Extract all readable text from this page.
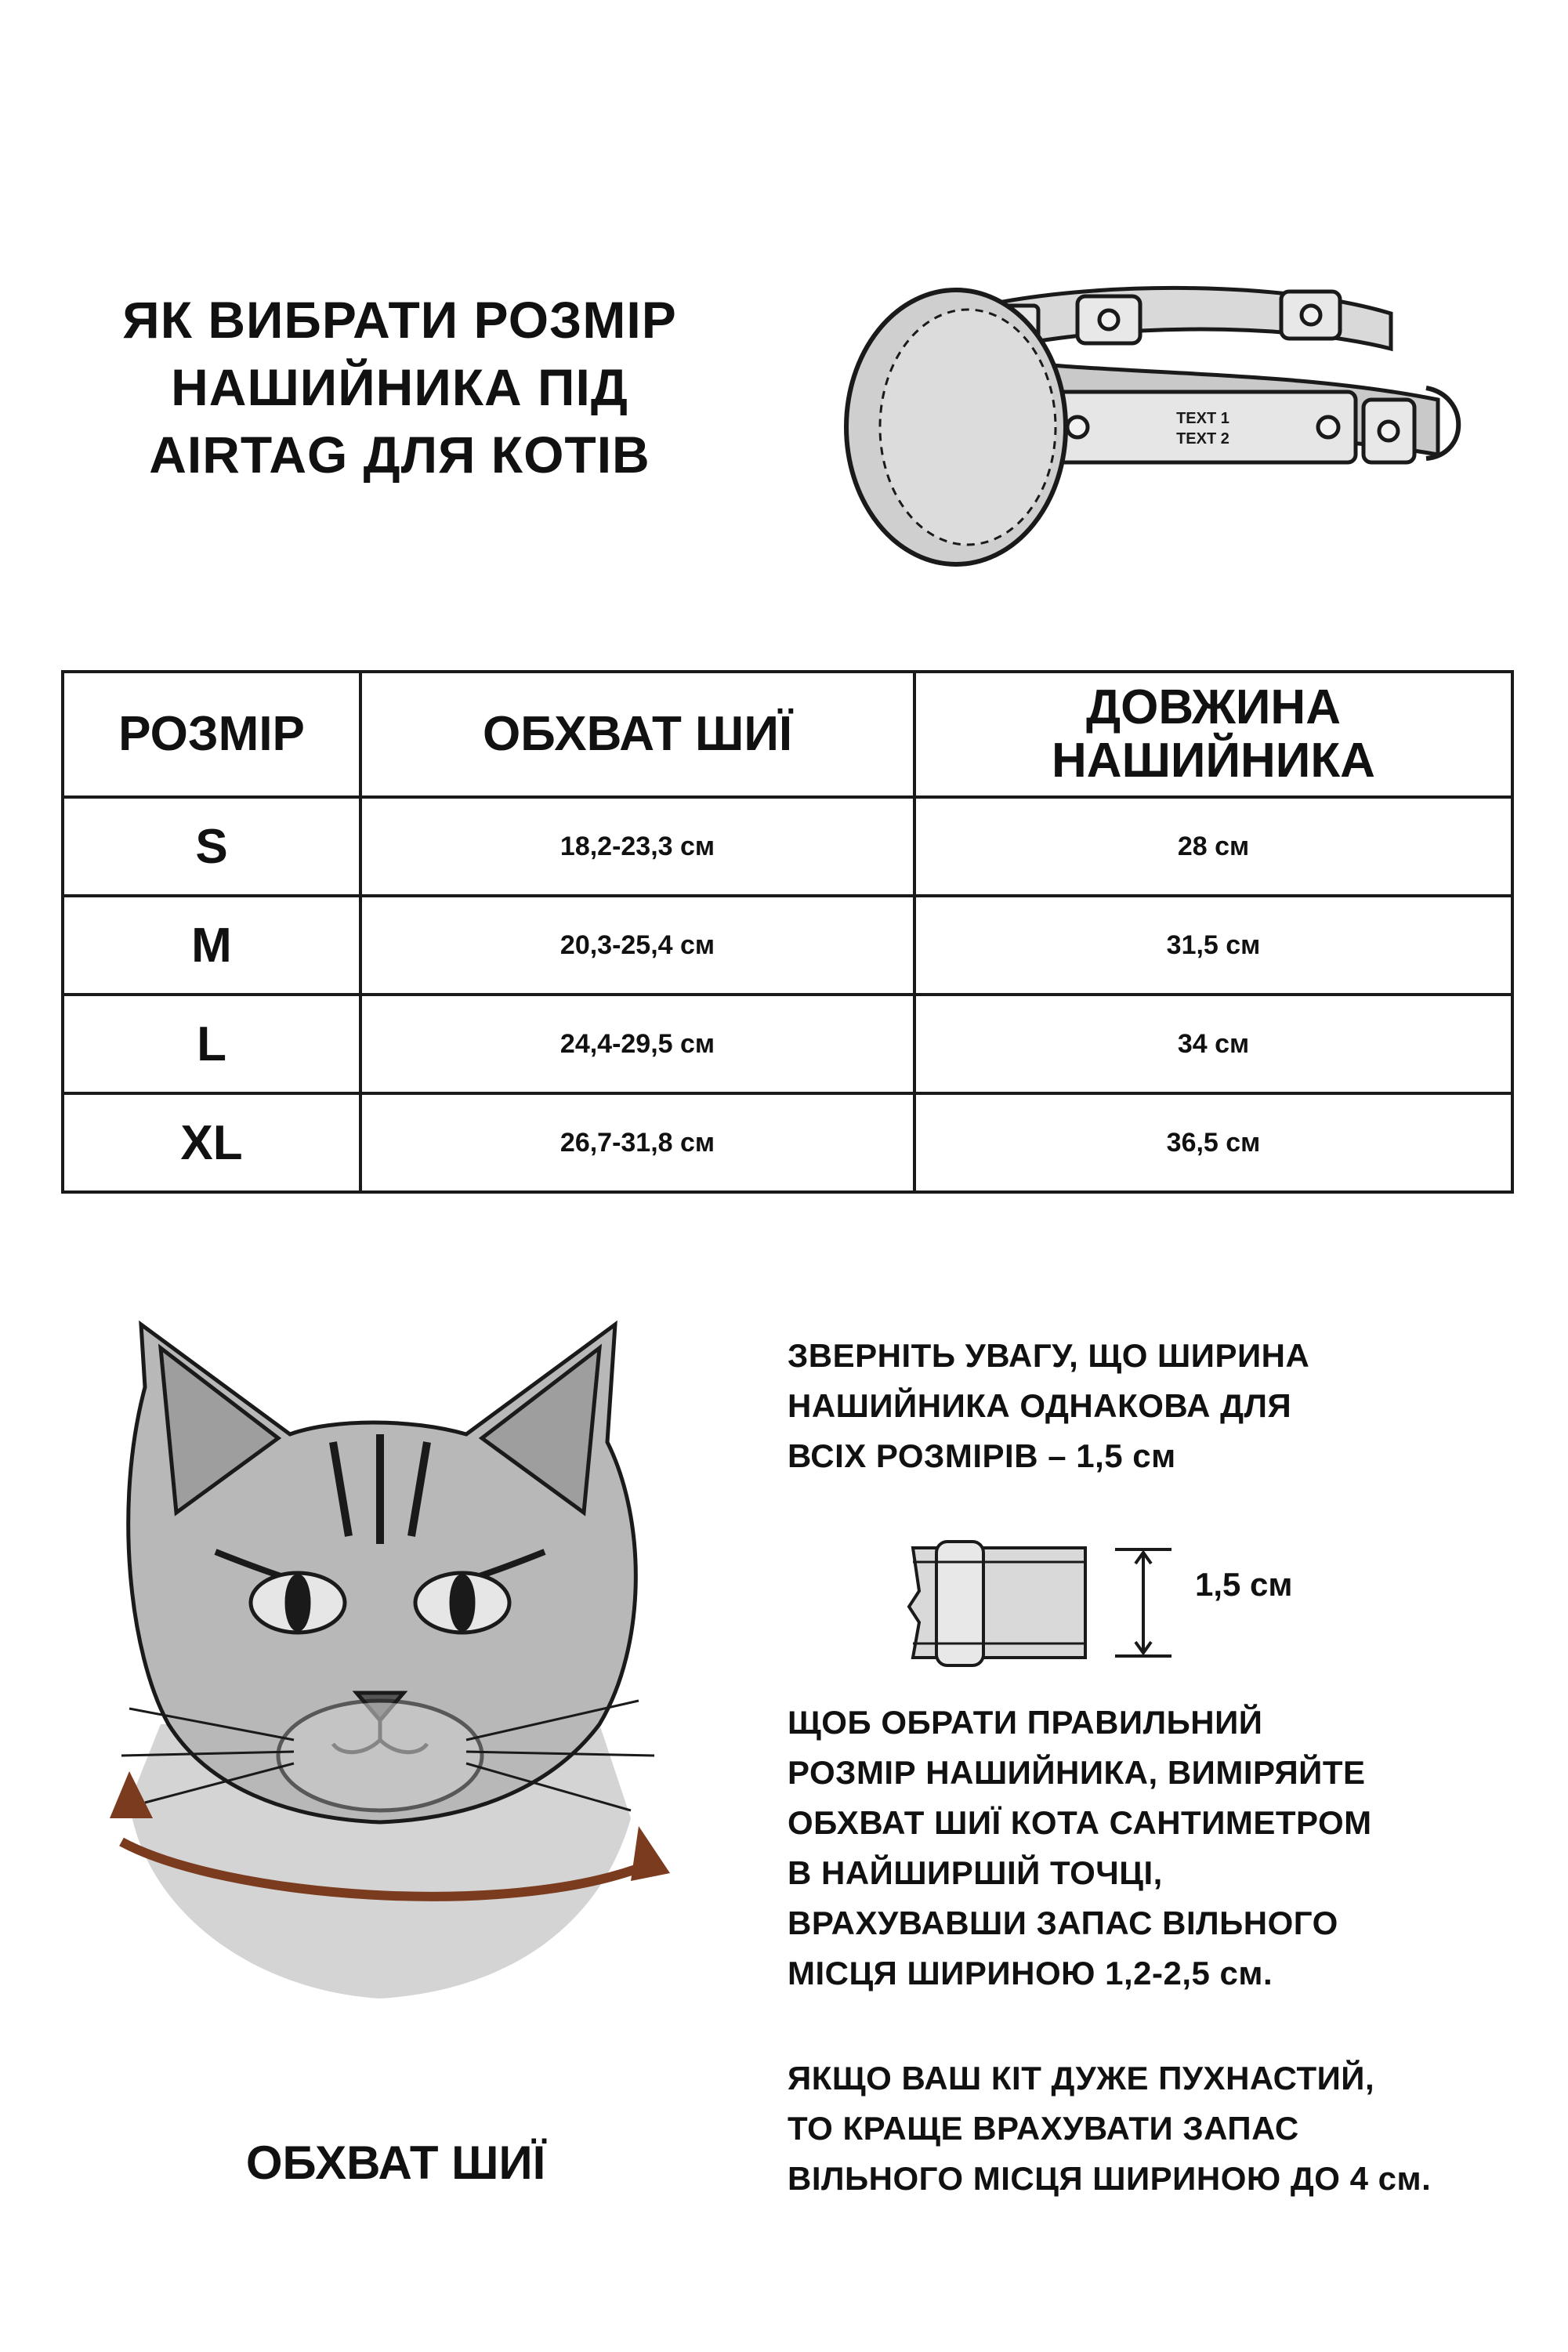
ЯК ВИБРАТИ РОЗМІР
НАШИЙНИКА ПІД
AIRTAG ДЛЯ КОТІВ
TEXT 1
TEXT 2
РОЗМІР	ОБХВАТ ШИЇ	ДОВЖИНА
НАШИЙНИКА

S	18,2-23,3 см	28 см
M	20,3-25,4 см	31,5 см
L	24,4-29,5 см	34 см
XL	26,7-31,8 см	36,5 см
ОБХВАТ ШИЇ
ЗВЕРНІТЬ УВАГУ, ЩО ШИРИНА
НАШИЙНИКА ОДНАКОВА ДЛЯ
ВСІХ РОЗМІРІВ – 1,5 см
1,5 см
ЩОБ ОБРАТИ ПРАВИЛЬНИЙ
РОЗМІР НАШИЙНИКА, ВИМІРЯЙТЕ
ОБХВАТ ШИЇ КОТА САНТИМЕТРОМ
В НАЙШИРШІЙ ТОЧЦІ,
ВРАХУВАВШИ ЗАПАС ВІЛЬНОГО
МІСЦЯ ШИРИНОЮ 1,2-2,5 см.
ЯКЩО ВАШ КІТ ДУЖЕ ПУХНАСТИЙ,
ТО КРАЩЕ ВРАХУВАТИ ЗАПАС
ВІЛЬНОГО МІСЦЯ ШИРИНОЮ ДО 4 см.
